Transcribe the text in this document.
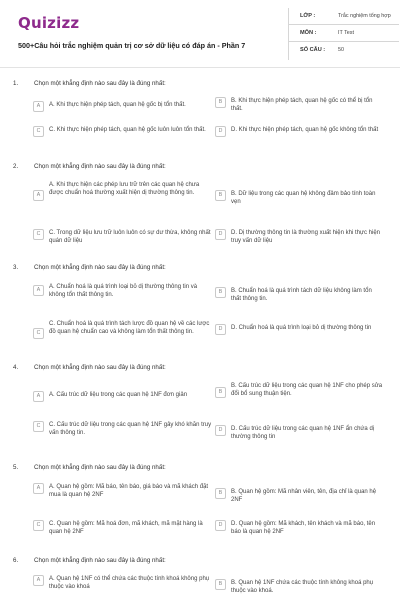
Quizizz
500+Câu hỏi trắc nghiệm quản trị cơ sở dữ liệu có đáp án - Phần 7
LỚP :	Trắc nghiệm tổng hợp
MÔN :	IT Test
SỐ CÂU : 50
1.	Chọn một khẳng định nào sau đây là đúng nhất:
A	A. Khi thực hiện phép tách, quan hệ gốc bị tổn thất.	B	B. Khi thực hiện phép tách, quan hệ gốc có thể bị tổn thất.
C	C. Khi thực hiện phép tách, quan hệ gốc luôn luôn tổn thất.	D	D. Khi thực hiện phép tách, quan hệ gốc không tổn thất
2.	Chọn một khẳng định nào sau đây là đúng nhất:
A
A. Khi thực hiện các phép lưu trữ trên các quan hệ chưa được chuẩn hoá thường xuất hiện dị thường thông tin.	B	B. Dữ liệu trong các quan hệ không đảm bảo tính toàn vẹn
C	C. Trong dữ liệu lưu trữ luôn luôn có sự dư thừa, không nhất quán dữ liệu
D	D. Dị thường thông tin là thường xuất hiện khi thực hiện truy vấn dữ liệu
3.	Chọn một khẳng định nào sau đây là đúng nhất:
A	A. Chuẩn hoá là quá trình loại bỏ dị thường thông tin và không tổn thất thông tin.
B	B. Chuẩn hoá là quá trình tách dữ liệu không làm tổn thất thông tin.
C
C. Chuẩn hoá là quá trình tách lược đồ quan hệ về các lược đồ quan hệ chuẩn cao và không làm tổn thất thông tin.
D	D. Chuẩn hoá là quá trình loại bỏ dị thường thông tin
4.	Chọn một khẳng định nào sau đây là đúng nhất:
A	A. Cấu trúc dữ liệu trong các quan hệ 1NF đơn giản	B
B. Cấu trúc dữ liệu trong các quan hệ 1NF cho phép sửa đổi bổ sung thuận tiện.
C	C. Cấu trúc dữ liệu trong các quan hệ 1NF gây khó khăn truy vấn thông tin.
D	D. Cấu trúc dữ liệu trong các quan hệ 1NF ẩn chứa dị thường thông tin
5.	Chọn một khẳng định nào sau đây là đúng nhất:
A	A. Quan hệ gồm: Mã báo, tên báo, giá báo và mã khách đặt mua là quan hệ 2NF	B	B. Quan hệ gồm: Mã nhân viên, tên, địa chỉ là quan hệ 2NF
C	C. Quan hệ gồm: Mã hoá đơn, mã khách, mã mặt hàng là quan hệ 2NF
D	D. Quan hệ gồm: Mã khách, tên khách và mã báo, tên báo là quan hệ 2NF
6.	Chọn một khẳng định nào sau đây là đúng nhất:
A	A. Quan hệ 1NF có thể chứa các thuộc tính khoá không phụ thuộc vào khoá
B	B. Quan hệ 1NF chứa các thuộc tính không khoá phụ thuộc vào khoá.
